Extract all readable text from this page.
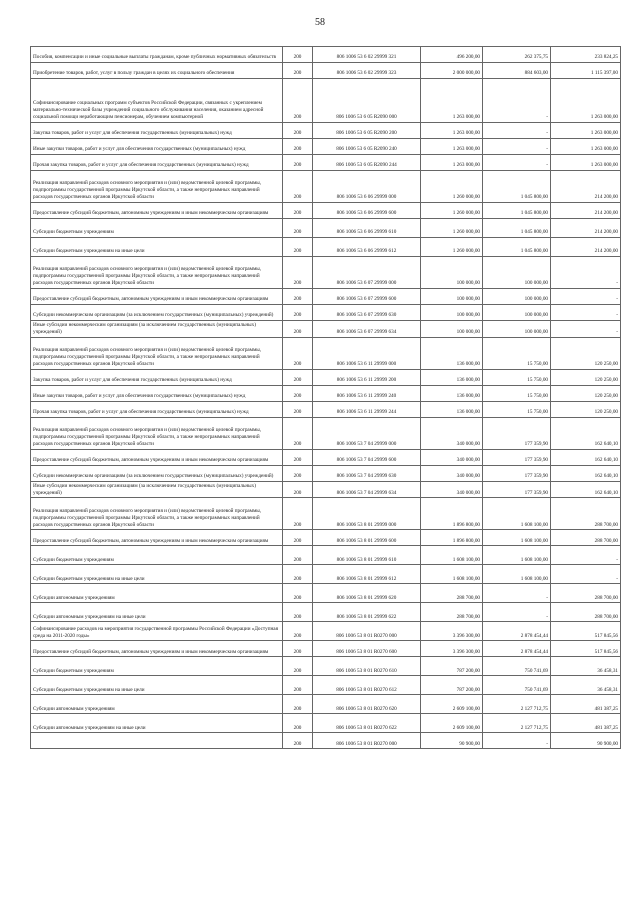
58
Пособия, компенсации и иные социальные выплаты гражданам, кроме публичных нормативных обязательств	200	806 1006 53 6 02 29999 321	496 200,00	262 375,75	233 824,25
Приобретение товаров, работ, услуг в пользу граждан в целях их социального обеспечения	200	806 1006 53 6 02 29999 323	2 000 000,00	884 603,00	1 115 397,00
Софинансирование социальных программ субъектов Российской Федерации, связанных с укреплением материально-технической базы учреждений социального обслуживания населения, оказанием адресной социальной помощи неработающим пенсионерам, обучением компьютерной	200	806 1006 53 6 05 R2090 000	1 263 000,00	-	1 263 000,00
Закупка товаров, работ и услуг для обеспечения государственных (муниципальных) нужд	200	806 1006 53 6 05 R2090 200	1 263 000,00	-	1 263 000,00
Иные закупки товаров, работ и услуг для обеспечения государственных (муниципальных) нужд	200	806 1006 53 6 05 R2090 240	1 263 000,00	-	1 263 000,00
Прочая закупка товаров, работ и услуг для обеспечения государственных (муниципальных) нужд	200	806 1006 53 6 05 R2090 244	1 263 000,00	-	1 263 000,00
Реализация направлений расходов основного мероприятия и (или) ведомственной целевой программы, подпрограммы государственной программы Иркутской области, а также непрограммных направлений расходов государственных органов Иркутской области	200	806 1006 53 6 06 29999 000	1 260 000,00	1 045 800,00	214 200,00
Предоставление субсидий бюджетным, автономным учреждениям и иным некоммерческим организациям	200	806 1006 53 6 06 29999 600	1 260 000,00	1 045 800,00	214 200,00
Субсидии бюджетным учреждениям	200	806 1006 53 6 06 29999 610	1 260 000,00	1 045 800,00	214 200,00
Субсидии бюджетным учреждениям на иные цели	200	806 1006 53 6 06 29999 612	1 260 000,00	1 045 800,00	214 200,00
Реализация направлений расходов основного мероприятия и (или) ведомственной целевой программы, подпрограммы государственной программы Иркутской области, а также непрограммных направлений расходов государственных органов Иркутской области	200	806 1006 53 6 07 29999 000	100 000,00	100 000,00	-
Предоставление субсидий бюджетным, автономным учреждениям и иным некоммерческим организациям	200	806 1006 53 6 07 29999 600	100 000,00	100 000,00	-
Субсидии некоммерческим организациям (за исключением государственных (муниципальных) учреждений)	200	806 1006 53 6 07 29999 630	100 000,00	100 000,00	-
Иные субсидии некоммерческим организациям (за исключением государственных (муниципальных) учреждений)	200	806 1006 53 6 07 29999 634	100 000,00	100 000,00	-
Реализация направлений расходов основного мероприятия и (или) ведомственной целевой программы, подпрограммы государственной программы Иркутской области, а также непрограммных направлений расходов государственных органов Иркутской области	200	806 1006 53 6 11 29999 000	136 000,00	15 750,00	120 250,00
Закупка товаров, работ и услуг для обеспечения государственных (муниципальных) нужд	200	806 1006 53 6 11 29999 200	136 000,00	15 750,00	120 250,00
Иные закупки товаров, работ и услуг для обеспечения государственных (муниципальных) нужд	200	806 1006 53 6 11 29999 240	136 000,00	15 750,00	120 250,00
Прочая закупка товаров, работ и услуг для обеспечения государственных (муниципальных) нужд	200	806 1006 53 6 11 29999 244	136 000,00	15 750,00	120 250,00
Реализация направлений расходов основного мероприятия и (или) ведомственной целевой программы, подпрограммы государственной программы Иркутской области, а также непрограммных направлений расходов государственных органов Иркутской области	200	806 1006 53 7 04 29999 000	340 000,00	177 359,90	162 640,10
Предоставление субсидий бюджетным, автономным учреждениям и иным некоммерческим организациям	200	806 1006 53 7 04 29999 600	340 000,00	177 359,90	162 640,10
Субсидии некоммерческим организациям (за исключением государственных (муниципальных) учреждений)	200	806 1006 53 7 04 29999 630	340 000,00	177 359,90	162 640,10
Иные субсидии некоммерческим организациям (за исключением государственных (муниципальных) учреждений)	200	806 1006 53 7 04 29999 634	340 000,00	177 359,90	162 640,10
Реализация направлений расходов основного мероприятия и (или) ведомственной целевой программы, подпрограммы государственной программы Иркутской области, а также непрограммных направлений расходов государственных органов Иркутской области	200	806 1006 53 8 01 29999 000	1 896 800,00	1 608 100,00	288 700,00
Предоставление субсидий бюджетным, автономным учреждениям и иным некоммерческим организациям	200	806 1006 53 8 01 29999 600	1 896 800,00	1 608 100,00	288 700,00
Субсидии бюджетным учреждениям	200	806 1006 53 8 01 29999 610	1 608 100,00	1 608 100,00	-
Субсидии бюджетным учреждениям на иные цели	200	806 1006 53 8 01 29999 612	1 608 100,00	1 608 100,00	-
Субсидии автономным учреждениям	200	806 1006 53 8 01 29999 620	288 700,00	-	288 700,00
Субсидии автономным учреждениям на иные цели	200	806 1006 53 8 01 29999 622	288 700,00	-	288 700,00
Софинансирование расходов на мероприятия государственной программы Российской Федерации «Доступная среда на 2011-2020 годы»	200	806 1006 53 8 01 R0270 000	3 396 300,00	2 878 454,44	517 845,56
Предоставление субсидий бюджетным, автономным учреждениям и иным некоммерческим организациям	200	806 1006 53 8 01 R0270 600	3 396 300,00	2 878 454,44	517 845,56
Субсидии бюджетным учреждениям	200	806 1006 53 8 01 R0270 610	787 200,00	750 741,69	36 458,31
Субсидии бюджетным учреждениям на иные цели	200	806 1006 53 8 01 R0270 612	787 200,00	750 741,69	36 458,31
Субсидии автономным учреждениям	200	806 1006 53 8 01 R0270 620	2 609 100,00	2 127 712,75	481 387,25
Субсидии автономным учреждениям на иные цели	200	806 1006 53 8 01 R0270 622	2 609 100,00	2 127 712,75	481 387,25
	200	806 1006 53 8 01 R0270 000	90 900,00	-	90 900,00
